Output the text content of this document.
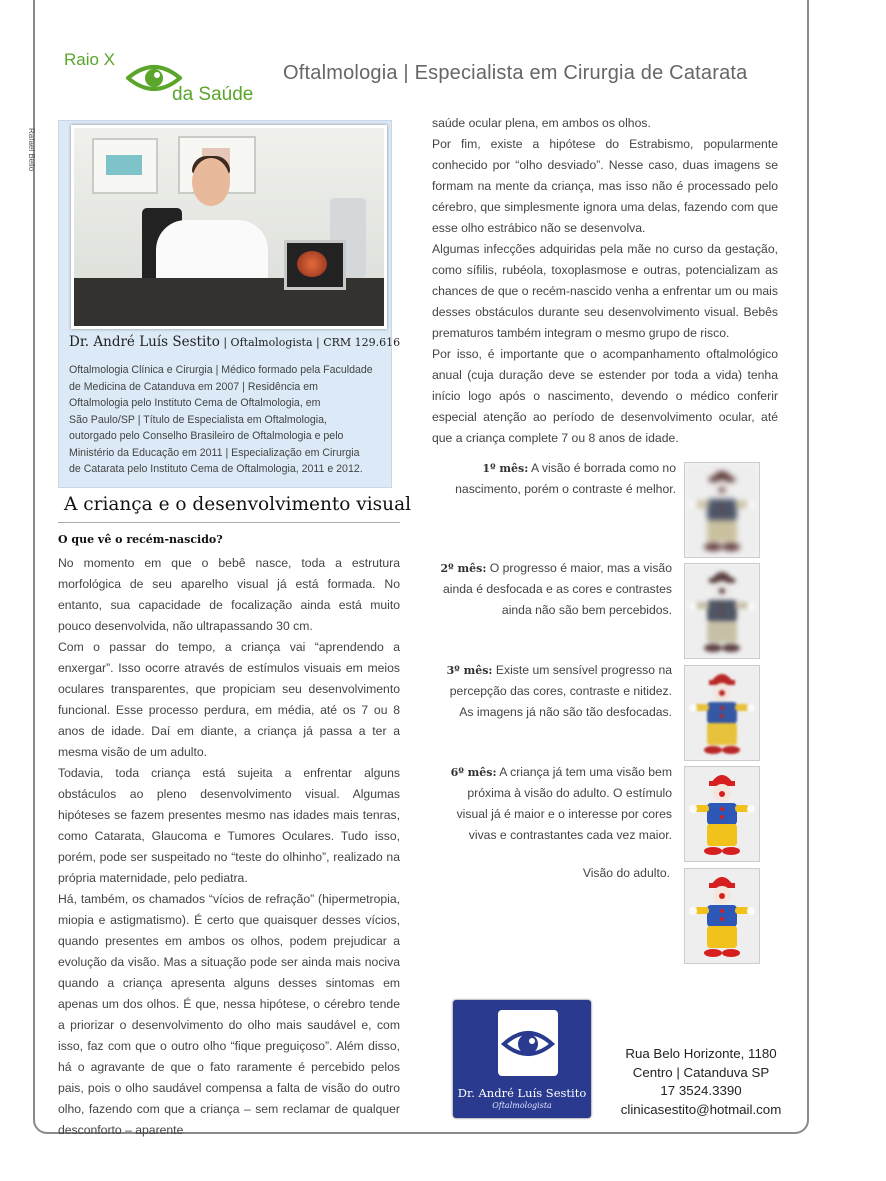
Raio X
da Saúde
Oftalmologia | Especialista em Cirurgia de Catarata
Rafael Bello
Dr. André Luís Sestito | Oftalmologista | CRM 129.616
Oftalmologia Clínica e Cirurgia | Médico formado pela Faculdade
de Medicina de Catanduva em 2007 | Residência em
Oftalmologia pelo Instituto Cema de Oftalmologia, em
São Paulo/SP | Título de Especialista em Oftalmologia,
outorgado pelo Conselho Brasileiro de Oftalmologia e pelo
Ministério da Educação em 2011 | Especialização em Cirurgia
de Catarata pelo Instituto Cema de Oftalmologia, 2011 e 2012.
A criança e o desenvolvimento visual
O que vê o recém-nascido?

No momento em que o bebê nasce, toda a estrutura morfológica de seu aparelho visual já está formada. No entanto, sua capacidade de focalização ainda está muito pouco desenvolvida, não ultrapassando 30 cm.

Com o passar do tempo, a criança vai “aprendendo a enxergar”. Isso ocorre através de estímulos visuais em meios oculares transparentes, que propiciam seu desenvolvimento funcional. Esse processo perdura, em média, até os 7 ou 8 anos de idade. Daí em diante, a criança já passa a ter a mesma visão de um adulto.

Todavia, toda criança está sujeita a enfrentar alguns obstáculos ao pleno desenvolvimento visual. Algumas hipóteses se fazem presentes mesmo nas idades mais tenras, como Catarata, Glaucoma e Tumores Oculares. Tudo isso, porém, pode ser suspeitado no “teste do olhinho”, realizado na própria maternidade, pelo pediatra.

Há, também, os chamados “vícios de refração” (hipermetropia, miopia e astigmatismo). É certo que quaisquer desses vícios, quando presentes em ambos os olhos, podem prejudicar a evolução da visão. Mas a situação pode ser ainda mais nociva quando a criança apresenta alguns desses sintomas em apenas um dos olhos. É que, nessa hipótese, o cérebro tende a priorizar o desenvolvimento do olho mais saudável e, com isso, faz com que o outro olho “fique preguiçoso”. Além disso, há o agravante de que o fato raramente é percebido pelos pais, pois o olho saudável compensa a falta de visão do outro olho, fazendo com que a criança – sem reclamar de qualquer desconforto – aparente

saúde ocular plena, em ambos os olhos.

Por fim, existe a hipótese do Estrabismo, popularmente conhecido por “olho desviado”. Nesse caso, duas imagens se formam na mente da criança, mas isso não é processado pelo cérebro, que simplesmente ignora uma delas, fazendo com que esse olho estrábico não se desenvolva.

Algumas infecções adquiridas pela mãe no curso da gestação, como sífilis, rubéola, toxoplasmose e outras, potencializam as chances de que o recém-nascido venha a enfrentar um ou mais desses obstáculos durante seu desenvolvimento visual. Bebês prematuros também integram o mesmo grupo de risco.

Por isso, é importante que o acompanhamento oftalmológico anual (cuja duração deve se estender por toda a vida) tenha início logo após o nascimento, devendo o médico conferir especial atenção ao período de desenvolvimento ocular, até que a criança complete 7 ou 8 anos de idade.

1º mês: A visão é borrada como no nascimento, porém o contraste é melhor.
2º mês: O progresso é maior, mas a visão ainda é desfocada e as cores e contrastes ainda não são bem percebidos.
3º mês: Existe um sensível progresso na percepção das cores, contraste e nitidez. As imagens já não são tão desfocadas.
6º mês: A criança já tem uma visão bem próxima à visão do adulto. O estímulo visual já é maior e o interesse por cores vivas e contrastantes cada vez maior.
Visão do adulto.
Dr. André Luís Sestito
Oftalmologista
Rua Belo Horizonte, 1180
Centro | Catanduva SP
17 3524.3390
clinicasestito@hotmail.com
